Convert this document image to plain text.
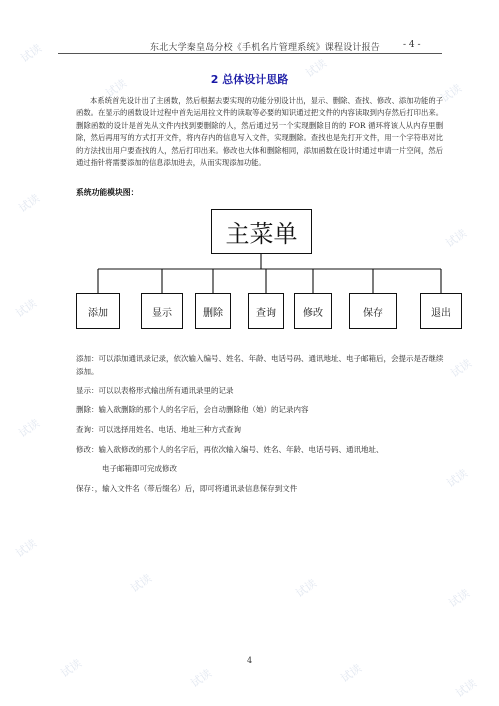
试读
试读
试读
试读
试读
试读
试读
试读
试读
试读
试读
试读	试读	试读
试读	试读	试读
试读
东北大学秦皇岛分校《手机名片管理系统》课程设计报告	- 4 -
2 总体设计思路

本系统首先设计出了主函数，然后根据去要实现的功能分别设计出，显示、删除、查找、修改、添加功能的子函数。在显示的函数设计过程中首先运用拉文件的读取等必要的知识通过把文件的内容读取到内存然后打印出来。删除函数的设计是首先从文件内找到要删除的人，然后通过另一个实现删除目的的 FOR 循环将该人从内存里删除，然后再用写的方式打开文件，将内存内的信息写入文件，实现删除。查找也是先打开文件，用一个字符串对比的方法找出用户要查找的人，然后打印出来。修改也大体和删除相同，添加函数在设计时通过申请一片空间，然后通过指针将需要添加的信息添加进去，从而实现添加功能。

系统功能模块图：
主菜单
添加	显示	删除	查询	修改	保存	退出

添加：可以添加通讯录记录，依次输入编号、姓名、年龄、电话号码、通讯地址、电子邮箱后，会提示是否继续添加。

显示：可以以表格形式输出所有通讯录里的记录

删除：输入欲删除的那个人的名字后，会自动删除他（她）的记录内容

查询：可以选择用姓名、电话、地址三种方式查询

修改：输入欲修改的那个人的名字后，再依次输入编号、姓名、年龄、电话号码、通讯地址、

电子邮箱即可完成修改

保存：，输入文件名（带后缀名）后，即可将通讯录信息保存到文件

4
